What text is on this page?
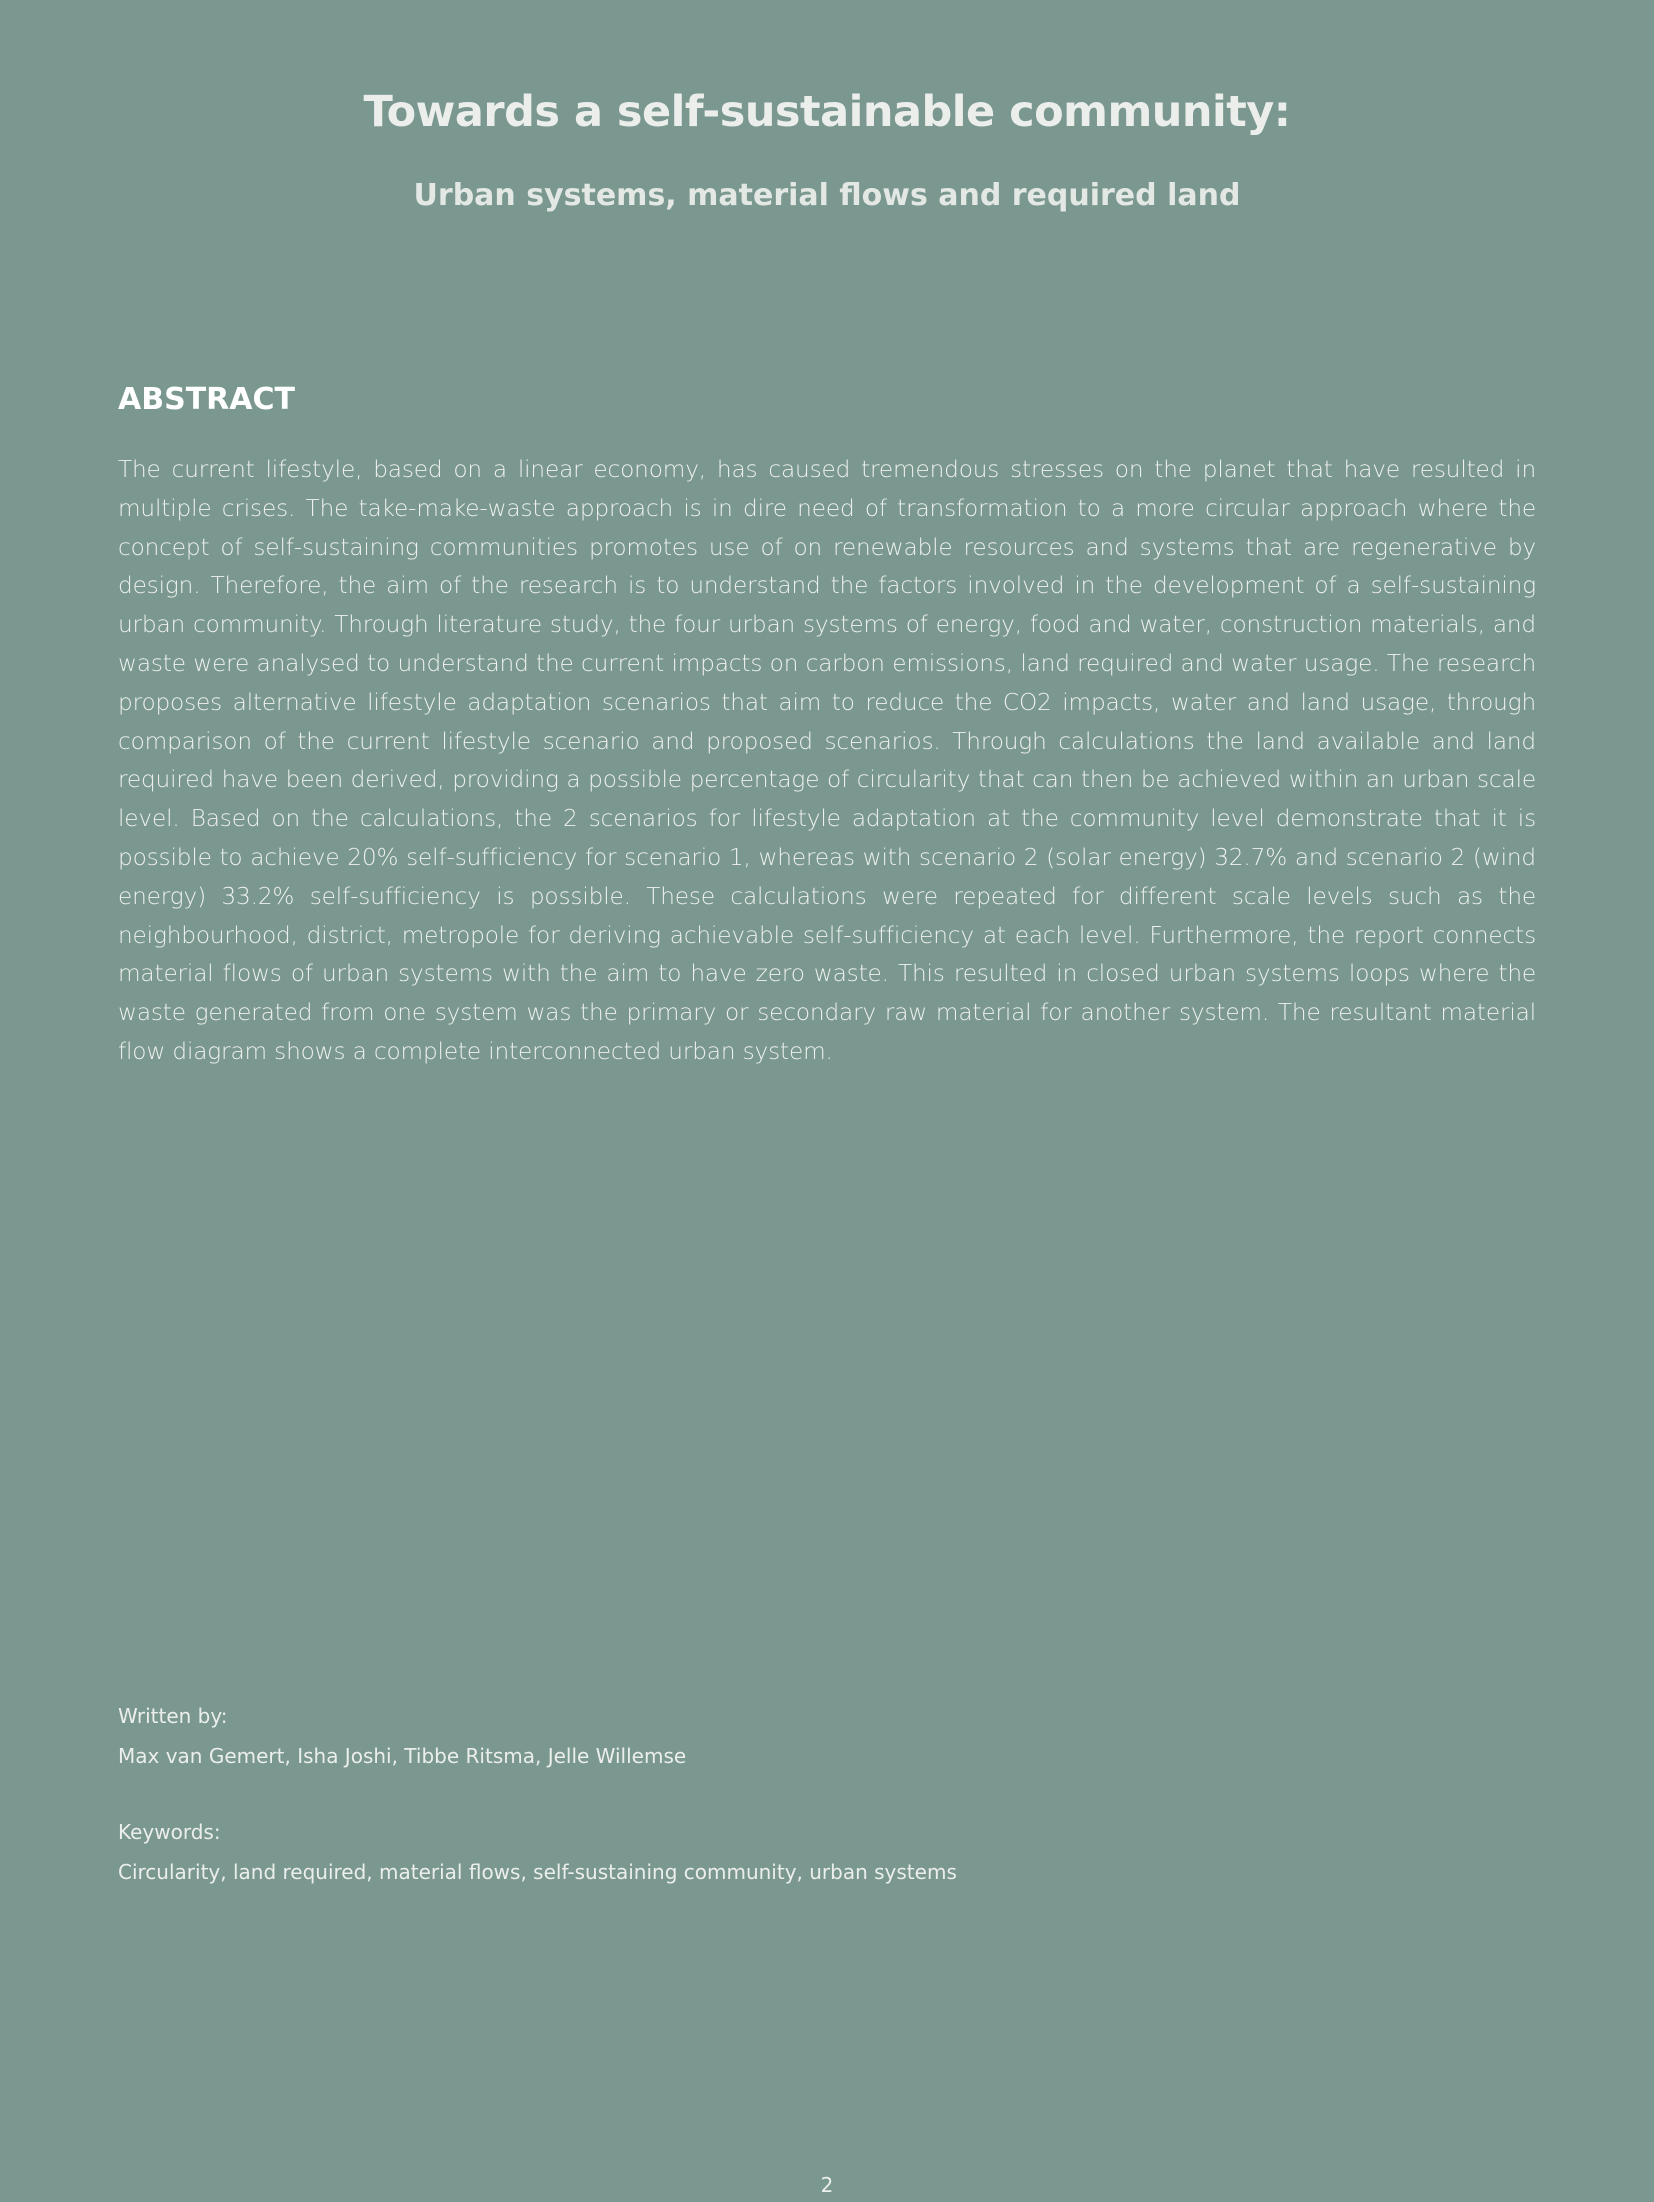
Towards a self-sustainable community:
Urban systems, material flows and required land
ABSTRACT

The current lifestyle, based on a linear economy, has caused tremendous stresses on the planet that have resulted in multiple crises. The take-make-waste approach is in dire need of transformation to a more circular approach where the concept of self-sustaining communities promotes use of on renewable resources and systems that are regenerative by design. Therefore, the aim of the research is to understand the factors involved in the development of a self-sustaining urban community. Through literature study, the four urban systems of energy, food and water, construction materials, and waste were analysed to understand the current impacts on carbon emissions, land required and water usage. The research proposes alternative lifestyle adaptation scenarios that aim to reduce the CO2 impacts, water and land usage, through comparison of the current lifestyle scenario and proposed scenarios. Through calculations the land available and land required have been derived, providing a possible percentage of circularity that can then be achieved within an urban scale level. Based on the calculations, the 2 scenarios for lifestyle adaptation at the community level demonstrate that it is possible to achieve 20% self-sufficiency for scenario 1, whereas with scenario 2 (solar energy) 32.7% and scenario 2 (wind energy) 33.2% self-sufficiency is possible. These calculations were repeated for different scale levels such as the neighbourhood, district, metropole for deriving achievable self-sufficiency at each level. Furthermore, the report connects material flows of urban systems with the aim to have zero waste. This resulted in closed urban systems loops where the waste generated from one system was the primary or secondary raw material for another system. The resultant material flow diagram shows a complete interconnected urban system.

Written by:

Max van Gemert, Isha Joshi, Tibbe Ritsma, Jelle Willemse

Keywords:

Circularity, land required, material flows, self-sustaining community, urban systems

2
